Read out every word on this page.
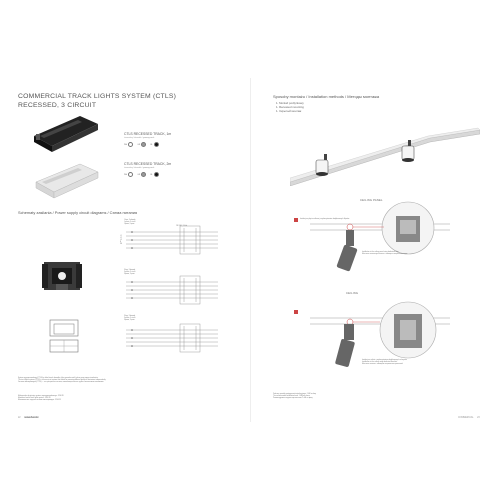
COMMERCIAL TRACK LIGHTS SYSTEM (CTLS)
RECESSED, 3 CIRCUIT
CTLS RECESSED TRACK, 1m
ściemnialny / dimmable / диммируемый
WH	GR	BL
CTLS RECESSED TRACK, 2m
ściemnialny / dimmable / диммируемый
WH	GR	BL
Schematy zasilania / Power supply circuit diagrams / Схема питания
1 faza, 3 obwody
1 phase, 3 circuit
1 фаза, 3 цепи
230 V AC, 50 Hz
3 fazy, 3 obwody
3 phase, 3 circuit
3 фазы, 3 цепи
3 fazy, 3 obwody
3 phase, 3 circuit
3 фазы, 3 цепи
L1
L2
L3
N
PE
System szynoprzewodowy (CTLS) to układ trzech obwodów, który pozwala zasilić różne grupy opraw niezależnie.
The track lights system (CTLS) is a three-circuit system that allows for powering different groups of luminaires independently.
Система шинопроводов (CTLS) — это трёхцепная система, позволяющая питать группы светильников независимо.
Maksymalne obciążenie systemu szynoprzewodowego : 3200 W
Maximum load of track lights system : 3200 W
Максимальная нагрузка системы шинопроводов : 3200 W
Sposoby montażu / Installation methods / Методы монтажа
1. Montaż podtynkowy
1. Recessed mounting
1. Скрытый монтаж
CEILING PANEL
Instalacja w płycie sufitowej z wykorzystaniem dedykowanych klipsów.
Installation in the ceiling panel using dedicated clips.
Монтаж в потолочную панель с помощью специальных клипс.
CEILING
Instalacja w suficie z wykorzystaniem dedykowanych uchwytów.
Installation in the ceiling using dedicated brackets.
Монтаж в потолок с помощью специальных креплений.
Zalecany sposób postępowania instalacyjnego: 1 kW na fazę
The recommended installation load: 1 kW per phase
Рекомендуемая нагрузка при монтаже: 1 кВт на фазу
22 nowodvorski	COMMERCIAL 23
